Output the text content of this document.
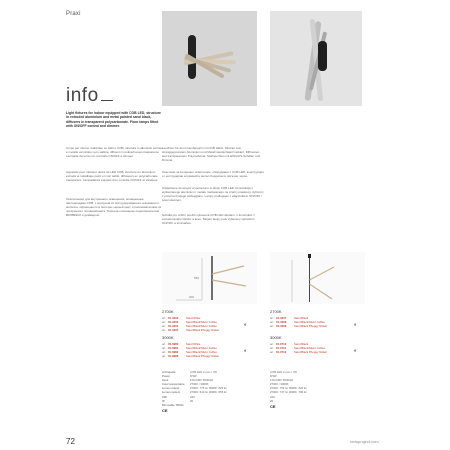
Praxi
info
Light fixtures for indoor equipped with COB LED, structure in extruded aluminium and metal painted sand black, diffusers in transparent polycarbonate. Floor lamps fitted with ON/OFF control and dimmer.
Corpo per interno realizzato su LED e COB, struttura in alluminio estruso e metallo verniciato nero sabbia, diffusori in policarbonato trasparente. Lampade da terra con controllo ON/OFF e dimmer.
Appareils pour intérieur dotés de LED COB, structure en aluminium extrudé et métallique peint en noir sablé, diffuseurs en polycarbonate transparent. Lampadaires équipés d'un contrôle ON/OFF et variateur.
Светильники для внутреннего освещения, оснащенные светодиодами COB, с корпусом из экструдированного алюминия и металла, окрашенного в песочно-черный цвет, и рассеивателями из прозрачного поликарбоната. Торшеры оснащены переключателем ВКЛ/ВЫКЛ и диммером.
Leuchten für den Innenbereich mit COB LEDs, Struktur aus stranggepresstem Aluminium und Metall sandschwarz lackiert, Diffusoren aus transparentem Polycarbonat. Stehleuchten mit EIN/AUS-Schalter und Dimmer.
Светлини за вътрешно осветление, оборудвани с COB LED, конструкция от екструдиран алуминий и метал боядисан в пясъчно черно.
Oświetlenie do wnętrz wyposażone w diody COB LED, konstrukcja z wytłaczanego aluminium i metalu malowanego na czarny piaskowy, dyfuzory z przezroczystego poliwęglanu. Lampy podłogowe z włącznikiem ON/OFF i ściemniaczem.
Svítidla pro vnitřní použití vybavená COB LED diodami, s konstrukcí z extrudovaného hliníku a kovu. Stojací lampy jsou vybaveny spínačem ON/OFF a stmívačem.
200
550
2700K
art. 01-4202	Sand White
art. 01-4203	Sand Black/Silver Coffee
art. 01-4204	Sand Black/Silver Coffee
art. 01-4204	Sand Black Phoggy Nickel
◐
3000K
art. 01-3980	Sand White
art. 01-3981	Sand Black/Silver Coffee
art. 01-3982	Sand Black/Silver Coffee
art. 01-3983	Sand Black Phoggy Nickel
◐
2700K
art. 01-4207	Sand Black
art. 01-4208	Sand Black/Silver Coffee
art. 01-4209	Sand Black Phoggy Nickel	◐
3000K
art. 01-3710	Sand Black
art. 01-3711	Sand Black/Silver Coffee
art. 01-3712	Sand Black Phoggy Nickel	◐
Lichtquelle	COB LED 2 pcs x 7W
Power	8.5W
Input	110-240V 50/60Hz
Color temperature 2700K / 3000K
Lumen output	2700K: 775 lm 3000K: 825 lm
Lumen system	2700K: 610 lm 3000K: 655 lm
CRI	≥90
IP	20
Dimmable TRIAC
CE
COB LED 2 pcs x 7W
8.5W
110-240V 50/60Hz
2700K / 3000K
2700K: 753 lm 3000K: 826 lm
2700K: 737 lm 3000K: 790 lm
≥90
20
CE
72	redoproject.com
